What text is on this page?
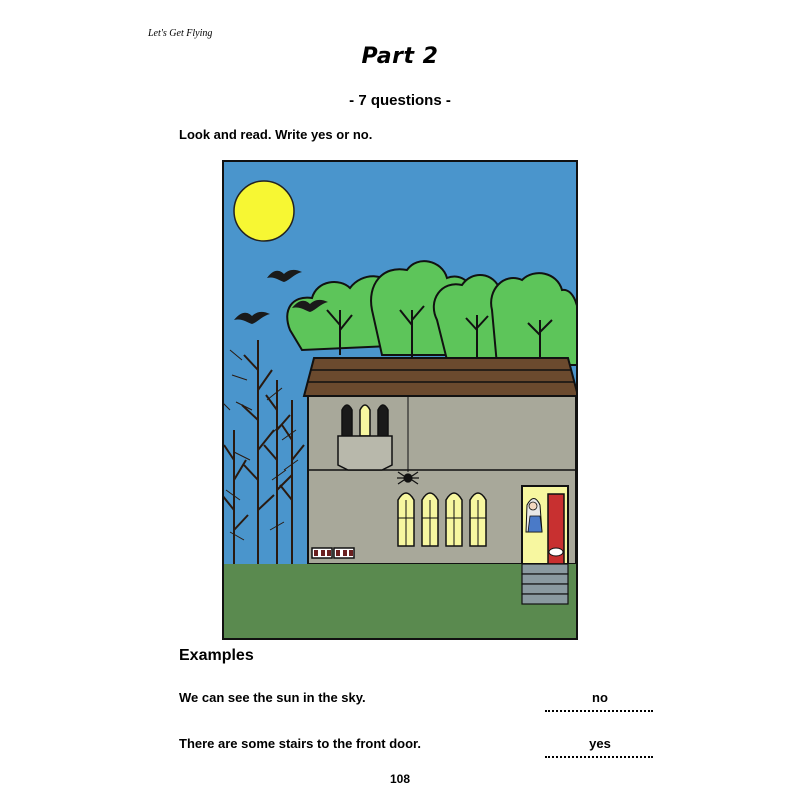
Let's Get Flying
Part 2
- 7 questions -
Look and read. Write yes or no.
Examples
We can see the sun in the sky.	no
There are some stairs to the front door.	yes
108
